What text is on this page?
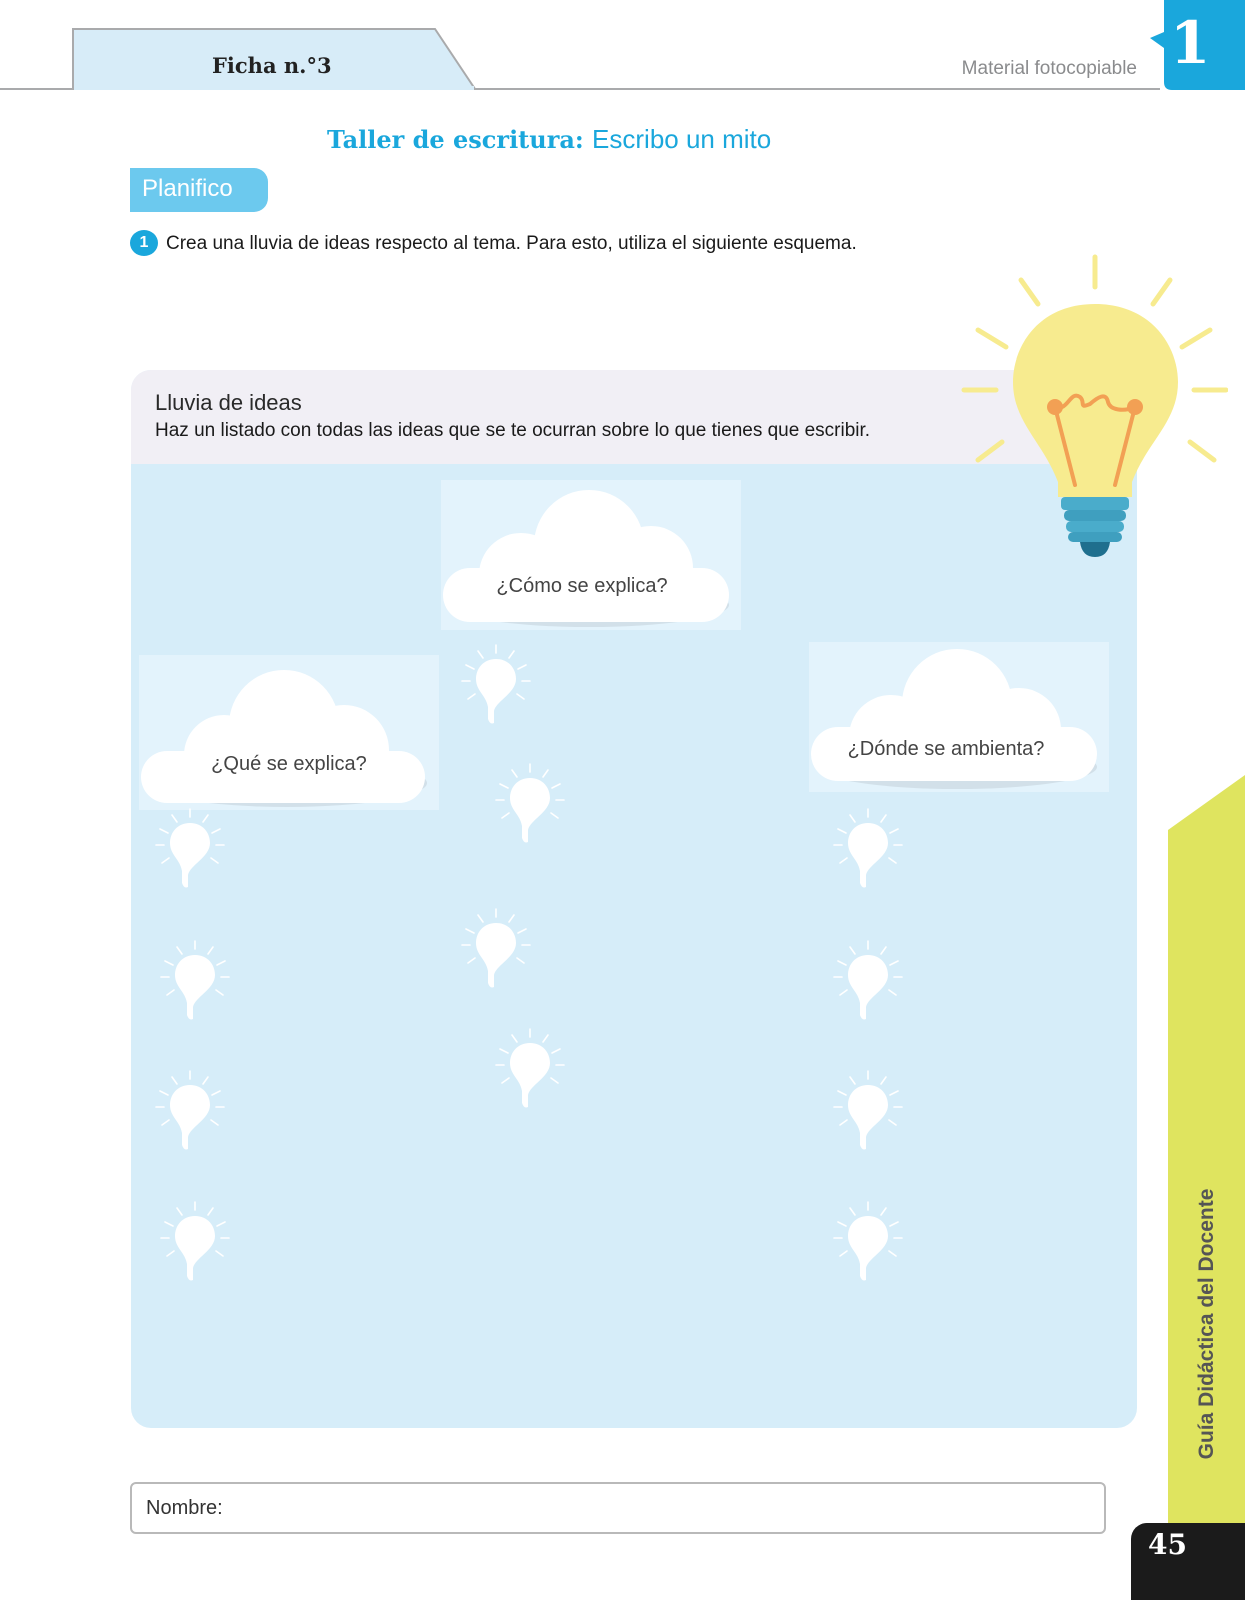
Ficha n.°3	Material fotocopiable 1
Taller de escritura: Escribo un mito
Planifico
1 Crea una lluvia de ideas respecto al tema. Para esto, utiliza el siguiente esquema.
Lluvia de ideas
Haz un listado con todas las ideas que se te ocurran sobre lo que tienes que escribir.
¿Qué se explica?
¿Cómo se explica?
¿Dónde se ambienta?
Guía Didáctica del Docente
45
Nombre:
